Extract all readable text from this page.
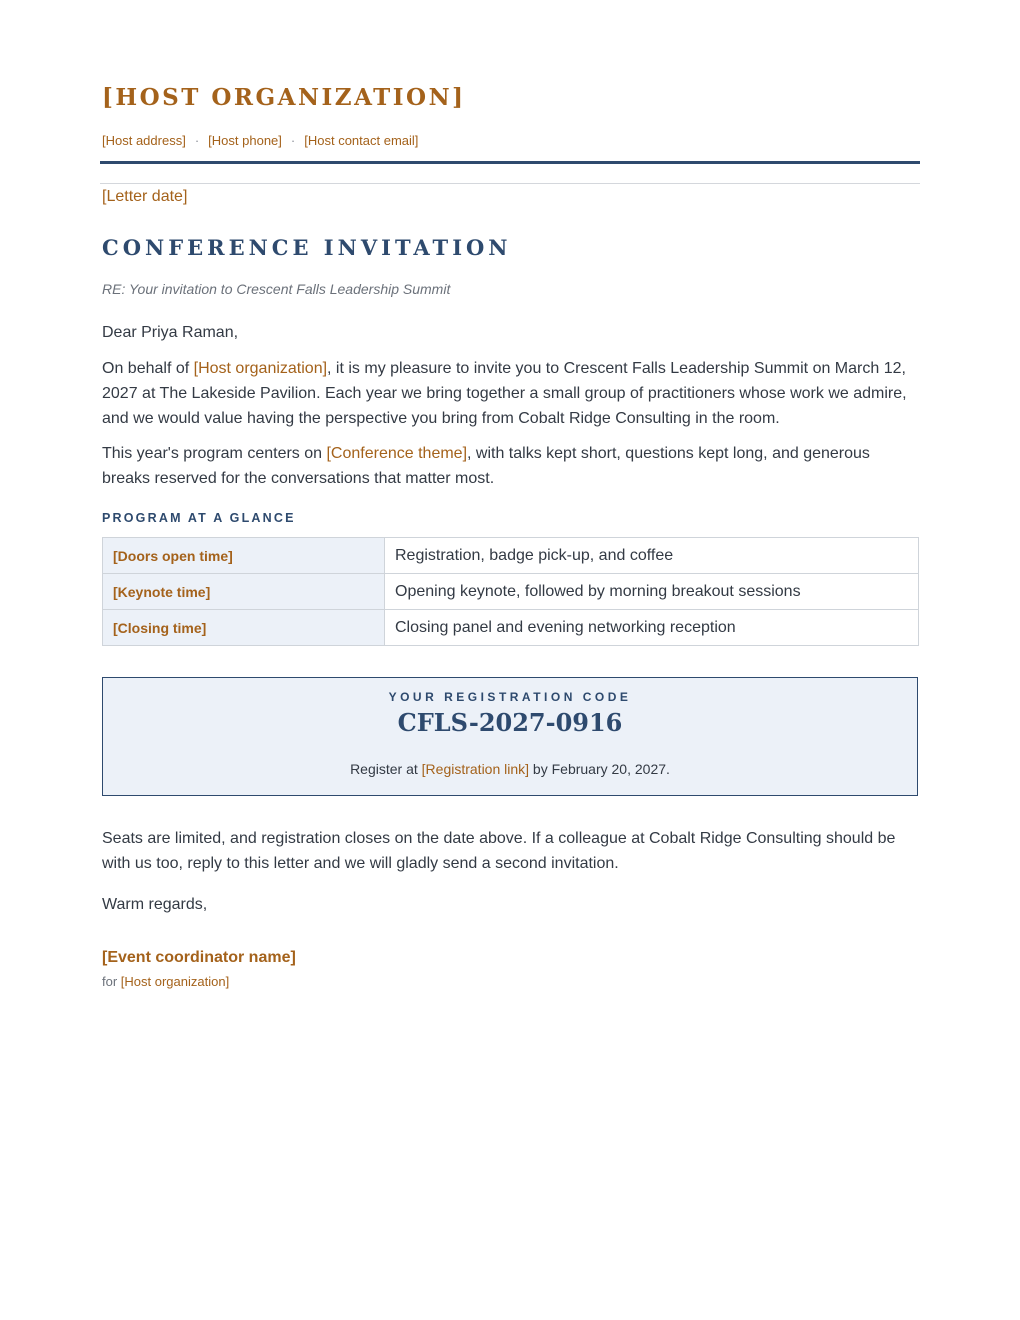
[HOST ORGANIZATION]
[Host address] · [Host phone] · [Host contact email]
[Letter date]
CONFERENCE INVITATION
RE: Your invitation to Crescent Falls Leadership Summit
Dear Priya Raman,
On behalf of [Host organization], it is my pleasure to invite you to Crescent Falls Leadership Summit on March 12, 2027 at The Lakeside Pavilion. Each year we bring together a small group of practitioners whose work we admire, and we would value having the perspective you bring from Cobalt Ridge Consulting in the room.
This year's program centers on [Conference theme], with talks kept short, questions kept long, and generous breaks reserved for the conversations that matter most.
PROGRAM AT A GLANCE
[Doors open time]	Registration, badge pick-up, and coffee
[Keynote time]	Opening keynote, followed by morning breakout sessions
[Closing time]	Closing panel and evening networking reception
YOUR REGISTRATION CODE
CFLS-2027-0916
Register at [Registration link] by February 20, 2027.
Seats are limited, and registration closes on the date above. If a colleague at Cobalt Ridge Consulting should be with us too, reply to this letter and we will gladly send a second invitation.
Warm regards,
[Event coordinator name]
for [Host organization]
